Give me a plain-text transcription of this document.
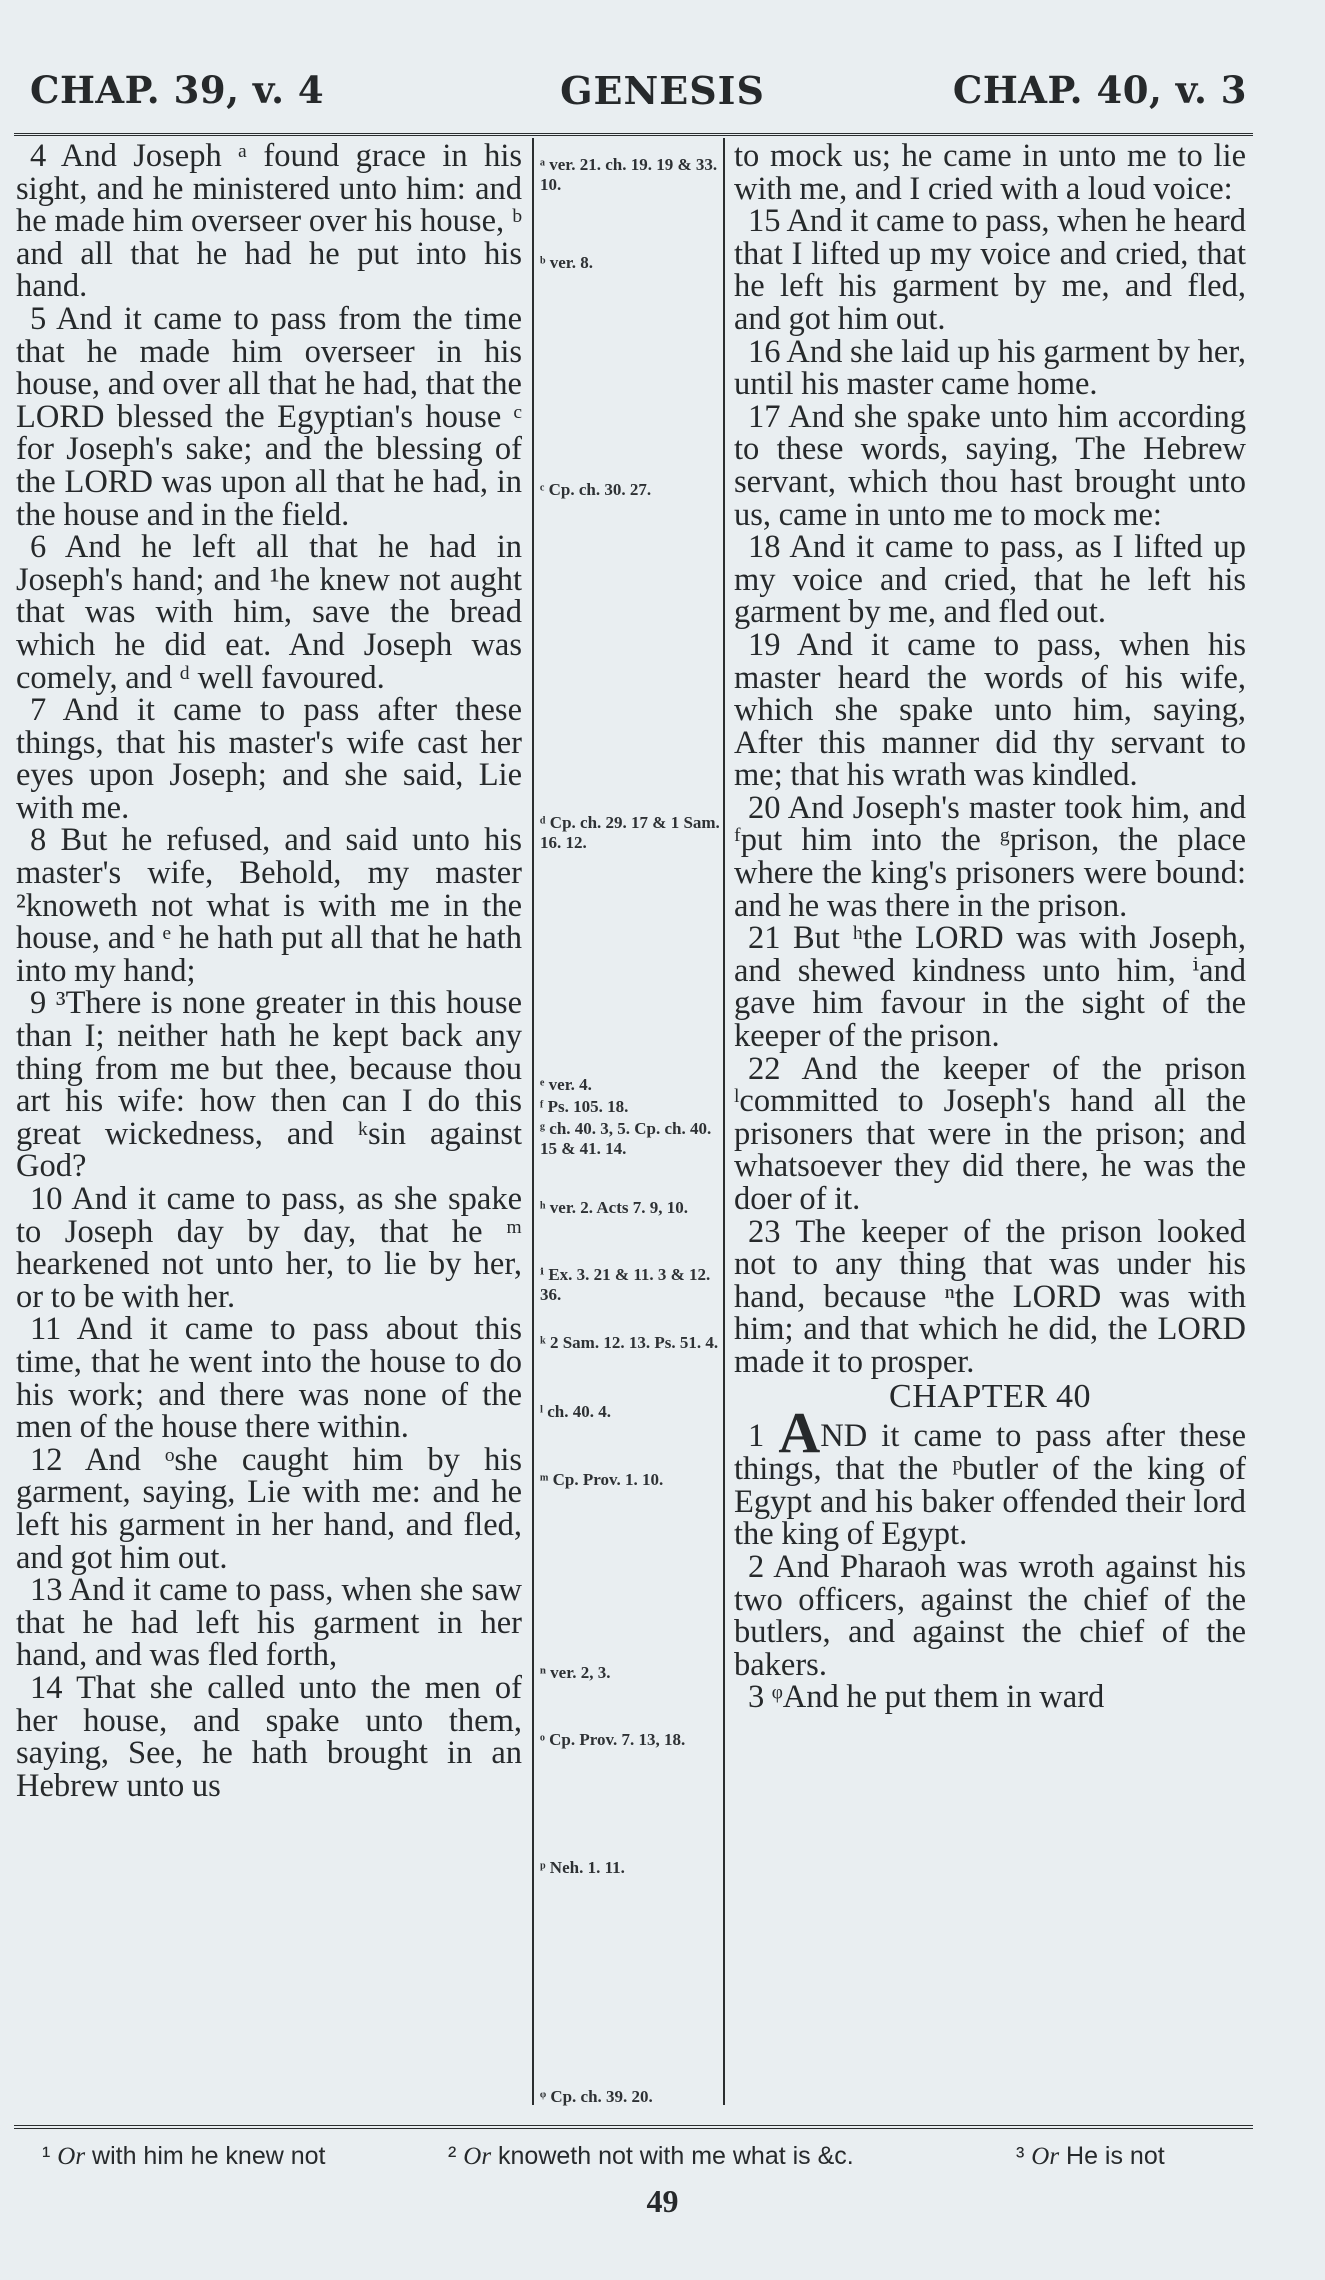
CHAP. 39, v. 4	GENESIS	CHAP. 40, v. 3

4 And Joseph ᵃ found grace in his sight, and he ministered unto him: and he made him overseer over his house, ᵇ and all that he had he put into his hand.

5 And it came to pass from the time that he made him overseer in his house, and over all that he had, that the LORD blessed the Egyptian's house ᶜ for Joseph's sake; and the blessing of the LORD was upon all that he had, in the house and in the field.

6 And he left all that he had in Joseph's hand; and ¹he knew not aught that was with him, save the bread which he did eat. And Joseph was comely, and ᵈ well favoured.

7 And it came to pass after these things, that his master's wife cast her eyes upon Joseph; and she said, Lie with me.

8 But he refused, and said unto his master's wife, Behold, my master ²knoweth not what is with me in the house, and ᵉ he hath put all that he hath into my hand;

9 ³There is none greater in this house than I; neither hath he kept back any thing from me but thee, because thou art his wife: how then can I do this great wickedness, and ᵏsin against God?

10 And it came to pass, as she spake to Joseph day by day, that he ᵐ hearkened not unto her, to lie by her, or to be with her.

11 And it came to pass about this time, that he went into the house to do his work; and there was none of the men of the house there within.

12 And ᵒshe caught him by his garment, saying, Lie with me: and he left his garment in her hand, and fled, and got him out.

13 And it came to pass, when she saw that he had left his garment in her hand, and was fled forth,

14 That she called unto the men of her house, and spake unto them, saying, See, he hath brought in an Hebrew unto us

ᵃ ver. 21. ch. 19. 19 & 33. 10.
ᵇ ver. 8.
ᶜ Cp. ch. 30. 27.
ᵈ Cp. ch. 29. 17 & 1 Sam. 16. 12.
ᵉ ver. 4.
ᶠ Ps. 105. 18.
ᵍ ch. 40. 3, 5. Cp. ch. 40. 15 & 41. 14.
ʰ ver. 2. Acts 7. 9, 10.
ⁱ Ex. 3. 21 & 11. 3 & 12. 36.
ᵏ 2 Sam. 12. 13. Ps. 51. 4.
ˡ ch. 40. 4.
ᵐ Cp. Prov. 1. 10.
ⁿ ver. 2, 3.
ᵒ Cp. Prov. 7. 13, 18.
ᵖ Neh. 1. 11.
ᵠ Cp. ch. 39. 20.

to mock us; he came in unto me to lie with me, and I cried with a loud voice:

15 And it came to pass, when he heard that I lifted up my voice and cried, that he left his garment by me, and fled, and got him out.

16 And she laid up his garment by her, until his master came home.

17 And she spake unto him according to these words, saying, The Hebrew servant, which thou hast brought unto us, came in unto me to mock me:

18 And it came to pass, as I lifted up my voice and cried, that he left his garment by me, and fled out.

19 And it came to pass, when his master heard the words of his wife, which she spake unto him, saying, After this manner did thy servant to me; that his wrath was kindled.

20 And Joseph's master took him, and ᶠput him into the ᵍprison, the place where the king's prisoners were bound: and he was there in the prison.

21 But ʰthe LORD was with Joseph, and shewed kindness unto him, ⁱand gave him favour in the sight of the keeper of the prison.

22 And the keeper of the prison ˡcommitted to Joseph's hand all the prisoners that were in the prison; and whatsoever they did there, he was the doer of it.

23 The keeper of the prison looked not to any thing that was under his hand, because ⁿthe LORD was with him; and that which he did, the LORD made it to prosper.

CHAPTER 40

1 AND it came to pass after these things, that the ᵖbutler of the king of Egypt and his baker offended their lord the king of Egypt.

2 And Pharaoh was wroth against his two officers, against the chief of the butlers, and against the chief of the bakers.

3 ᵠAnd he put them in ward

¹ Or with him he knew not	² Or knoweth not with me what is &c.	³ Or He is not
49
